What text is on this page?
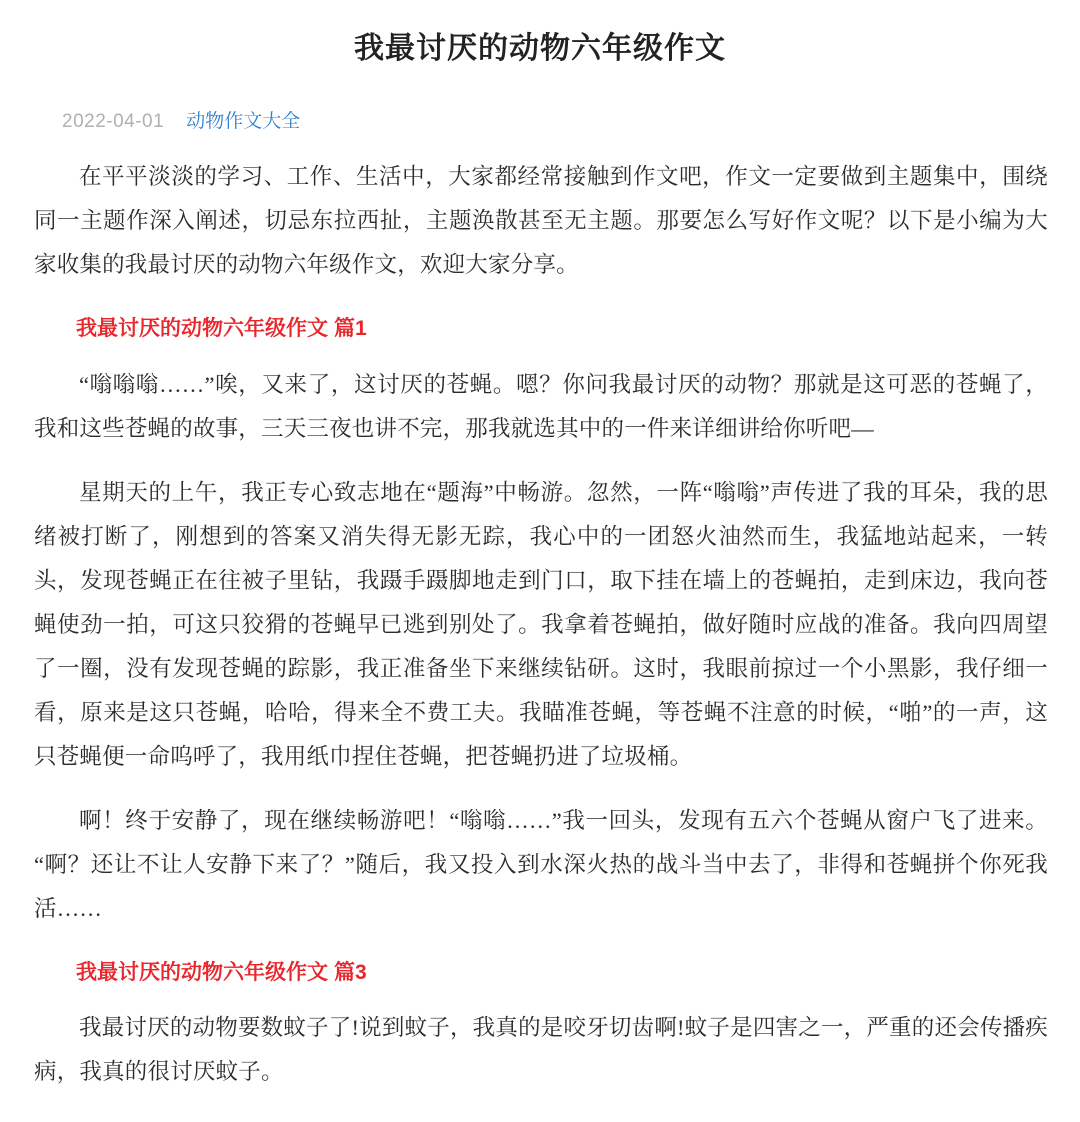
我最讨厌的动物六年级作文
2022-04-01 动物作文大全

在平平淡淡的学习、工作、生活中，大家都经常接触到作文吧，作文一定要做到主题集中，围绕同一主题作深入阐述，切忌东拉西扯，主题涣散甚至无主题。那要怎么写好作文呢？以下是小编为大家收集的我最讨厌的动物六年级作文，欢迎大家分享。

我最讨厌的动物六年级作文 篇1

“嗡嗡嗡……”唉，又来了，这讨厌的苍蝇。嗯？你问我最讨厌的动物？那就是这可恶的苍蝇了，我和这些苍蝇的故事，三天三夜也讲不完，那我就选其中的一件来详细讲给你听吧—

星期天的上午，我正专心致志地在“题海”中畅游。忽然，一阵“嗡嗡”声传进了我的耳朵，我的思绪被打断了，刚想到的答案又消失得无影无踪，我心中的一团怒火油然而生，我猛地站起来，一转头，发现苍蝇正在往被子里钻，我蹑手蹑脚地走到门口，取下挂在墙上的苍蝇拍，走到床边，我向苍蝇使劲一拍，可这只狡猾的苍蝇早已逃到别处了。我拿着苍蝇拍，做好随时应战的准备。我向四周望了一圈，没有发现苍蝇的踪影，我正准备坐下来继续钻研。这时，我眼前掠过一个小黑影，我仔细一看，原来是这只苍蝇，哈哈，得来全不费工夫。我瞄准苍蝇，等苍蝇不注意的时候，“啪”的一声，这只苍蝇便一命呜呼了，我用纸巾捏住苍蝇，把苍蝇扔进了垃圾桶。

啊！终于安静了，现在继续畅游吧！“嗡嗡……”我一回头，发现有五六个苍蝇从窗户飞了进来。“啊？还让不让人安静下来了？”随后，我又投入到水深火热的战斗当中去了，非得和苍蝇拼个你死我活……

我最讨厌的动物六年级作文 篇3

我最讨厌的动物要数蚊子了!说到蚊子，我真的是咬牙切齿啊!蚊子是四害之一，严重的还会传播疾病，我真的很讨厌蚊子。
